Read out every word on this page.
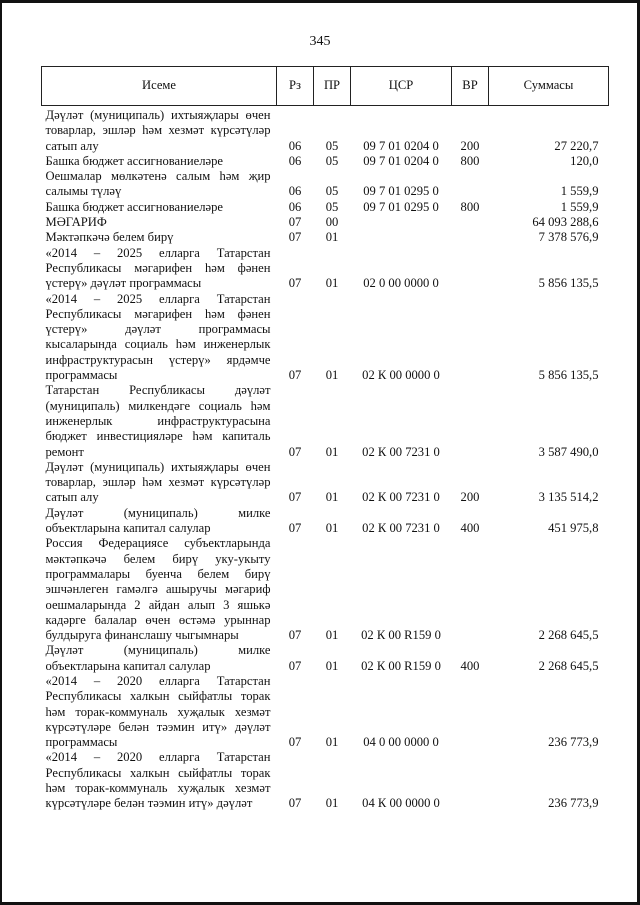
345
Исеме	Рз	ПР	ЦСР	ВР	Суммасы
Дәүләт (муниципаль) ихтыяҗлары өчен товарлар, эшләр һәм хезмәт күрсәтүләр сатып алу	06	05	09 7 01 0204 0	200	27 220,7
Башка бюджет ассигнованиеләре	06	05	09 7 01 0204 0	800	120,0
Оешмалар мөлкәтенә салым һәм җир салымы түләү	06	05	09 7 01 0295 0		1 559,9
Башка бюджет ассигнованиеләре	06	05	09 7 01 0295 0	800	1 559,9
МӘГАРИФ	07	00			64 093 288,6
Мәктәпкәчә белем бирү	07	01			7 378 576,9
«2014 – 2025 елларга Татарстан Республикасы мәгарифен һәм фәнен үстерү» дәүләт программасы	07	01	02 0 00 0000 0		5 856 135,5
«2014 – 2025 елларга Татарстан Республикасы мәгарифен һәм фәнен үстерү» дәүләт программасы кысаларында социаль һәм инженерлык инфраструктурасын үстерү» ярдәмче программасы	07	01	02 К 00 0000 0		5 856 135,5
Татарстан Республикасы дәүләт (муниципаль) милкендәге социаль һәм инженерлык инфраструктурасына бюджет инвестицияләре һәм капиталь ремонт	07	01	02 К 00 7231 0		3 587 490,0
Дәүләт (муниципаль) ихтыяҗлары өчен товарлар, эшләр һәм хезмәт күрсәтүләр сатып алу	07	01	02 К 00 7231 0	200	3 135 514,2
Дәүләт (муниципаль) милке объектларына капитал салулар	07	01	02 К 00 7231 0	400	451 975,8
Россия Федерациясе субъектларында мәктәпкәчә белем бирү уку-укыту программалары буенча белем бирү эшчәнлеген гамәлгә ашыручы мәгариф оешмаларында 2 айдан алып 3 яшькә кадәрге балалар өчен өстәмә урыннар булдыруга финанслашу чыгымнары	07	01	02 К 00 R159 0		2 268 645,5
Дәүләт (муниципаль) милке объектларына капитал салулар	07	01	02 К 00 R159 0	400	2 268 645,5
«2014 – 2020 елларга Татарстан Республикасы халкын сыйфатлы торак һәм торак-коммуналь хуҗалык хезмәт күрсәтүләре белән тәэмин итү» дәүләт программасы	07	01	04 0 00 0000 0		236 773,9
«2014 – 2020 елларга Татарстан Республикасы халкын сыйфатлы торак һәм торак-коммуналь хуҗалык хезмәт күрсәтүләре белән тәэмин итү» дәүләт	07	01	04 К 00 0000 0		236 773,9
